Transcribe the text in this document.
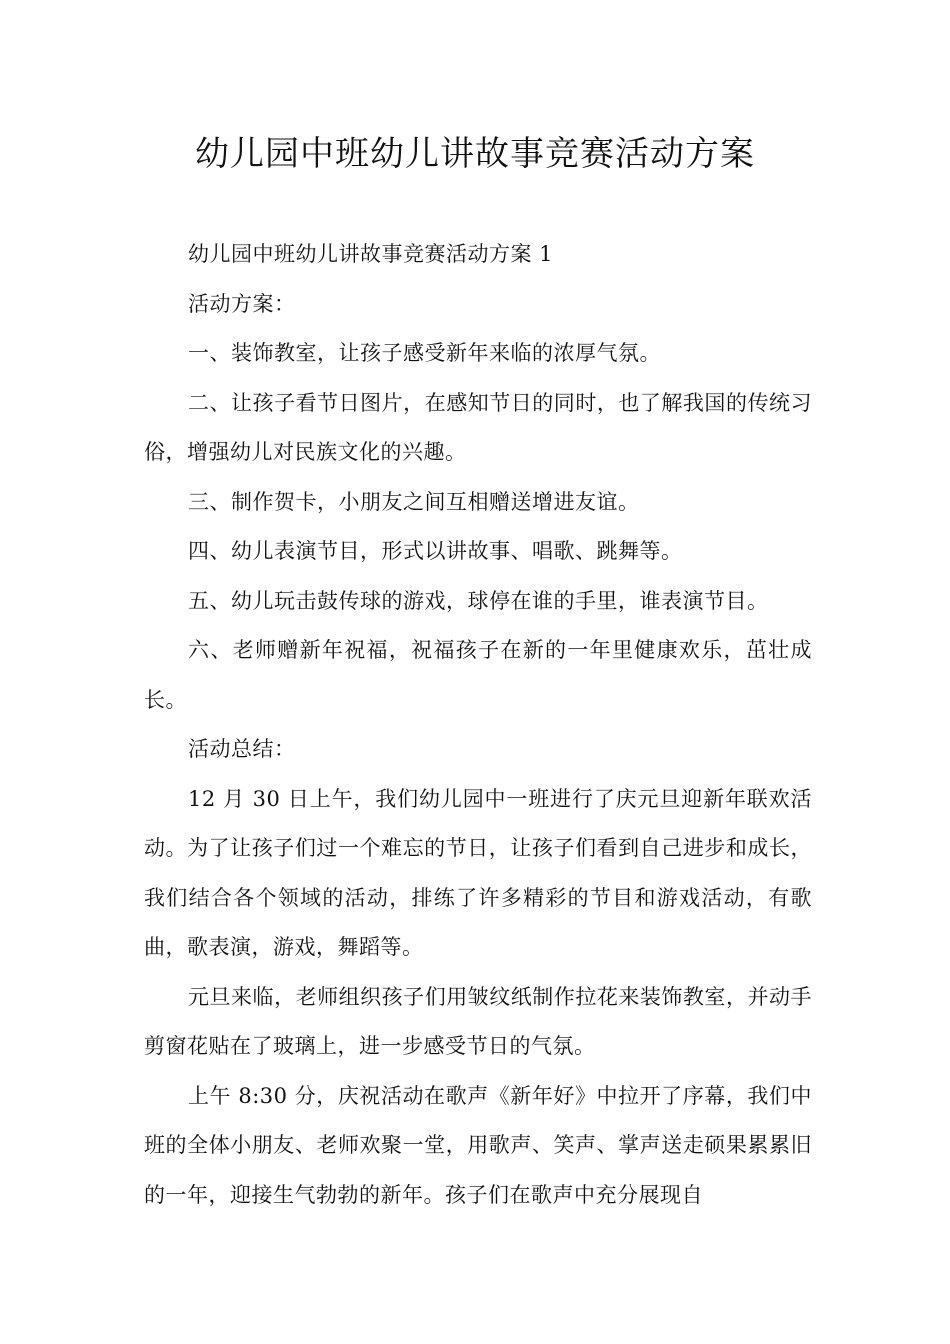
幼儿园中班幼儿讲故事竞赛活动方案

幼儿园中班幼儿讲故事竞赛活动方案 1

活动方案：

一、装饰教室，让孩子感受新年来临的浓厚气氛。

二、让孩子看节日图片，在感知节日的同时，也了解我国的传统习俗，增强幼儿对民族文化的兴趣。

三、制作贺卡，小朋友之间互相赠送增进友谊。

四、幼儿表演节目，形式以讲故事、唱歌、跳舞等。

五、幼儿玩击鼓传球的游戏，球停在谁的手里，谁表演节目。

六、老师赠新年祝福，祝福孩子在新的一年里健康欢乐，茁壮成长。

活动总结：

12 月 30 日上午，我们幼儿园中一班进行了庆元旦迎新年联欢活动。为了让孩子们过一个难忘的节日，让孩子们看到自己进步和成长，我们结合各个领域的活动，排练了许多精彩的节目和游戏活动，有歌曲，歌表演，游戏，舞蹈等。

元旦来临，老师组织孩子们用皱纹纸制作拉花来装饰教室，并动手剪窗花贴在了玻璃上，进一步感受节日的气氛。

上午 8:30 分，庆祝活动在歌声《新年好》中拉开了序幕，我们中班的全体小朋友、老师欢聚一堂，用歌声、笑声、掌声送走硕果累累旧的一年，迎接生气勃勃的新年。孩子们在歌声中充分展现自
